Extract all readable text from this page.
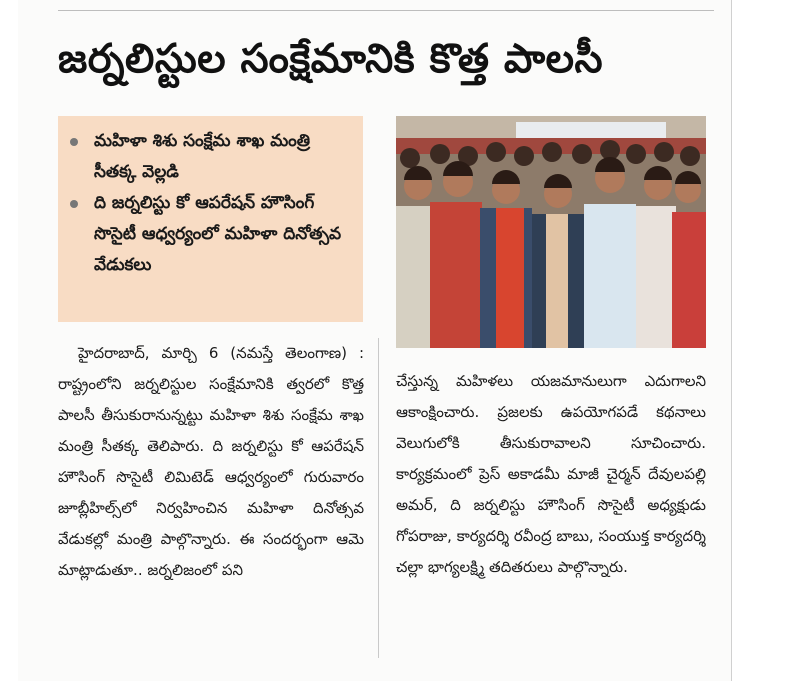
జర్నలిస్టుల సంక్షేమానికి కొత్త పాలసీ
మహిళా శిశు సంక్షేమ శాఖ మంత్రి సీతక్క వెల్లడి
ది జర్నలిస్టు కో ఆపరేషన్ హౌసింగ్ సొసైటీ ఆధ్వర్యంలో మహిళా దినోత్సవ వేడుకలు

హైదరాబాద్, మార్చి 6 (నమస్తే తెలంగాణ) : రాష్ట్రంలోని జర్నలిస్టుల సంక్షేమానికి త్వరలో కొత్త పాలసీ తీసుకురానున్నట్టు మహిళా శిశు సంక్షేమ శాఖ మంత్రి సీతక్క తెలిపారు. ది జర్నలిస్టు కో ఆపరేషన్ హౌసింగ్ సొసైటీ లిమిటెడ్ ఆధ్వర్యంలో గురువారం జూబ్లీహిల్స్‌లో నిర్వహించిన మహిళా దినోత్సవ వేడుకల్లో మంత్రి పాల్గొన్నారు. ఈ సందర్భంగా ఆమె మాట్లాడుతూ.. జర్నలిజంలో పని

చేస్తున్న మహిళలు యజమానులుగా ఎదుగాలని ఆకాంక్షించారు. ప్రజలకు ఉపయోగపడే కథనాలు వెలుగులోకి తీసుకురావాలని సూచించారు. కార్యక్రమంలో ప్రెస్ అకాడమీ మాజీ చైర్మన్ దేవులపల్లి అమర్, ది జర్నలిస్టు హౌసింగ్ సొసైటీ అధ్యక్షుడు గోపరాజు, కార్యదర్శి రవీంద్ర బాబు, సంయుక్త కార్యదర్శి చల్లా భాగ్యలక్ష్మి తదితరులు పాల్గొన్నారు.
